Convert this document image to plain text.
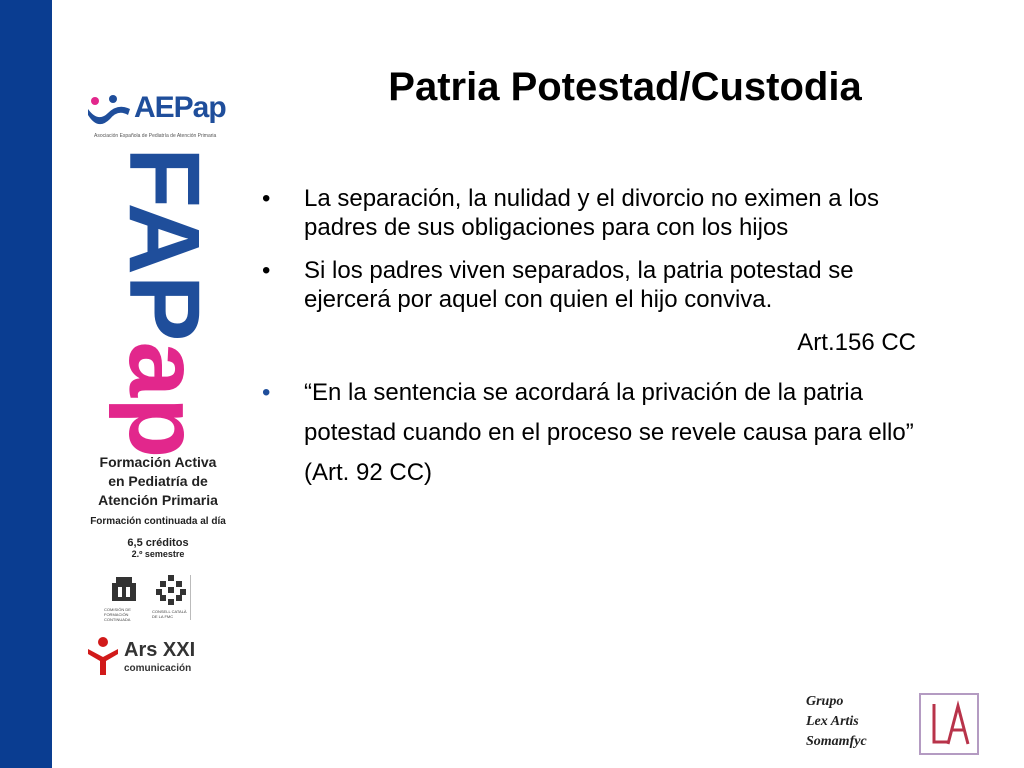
AEPap
Asociación Española de Pediatría de Atención Primaria
FAPap
Formación Activa
en Pediatría de
Atención Primaria
Formación continuada al día
6,5 créditos
2.º semestre
COMISIÓN DE FORMACIÓN CONTINUADA
CONSELL CATALÀ DE LA FMC
Ars XXI
comunicación
Patria Potestad/Custodia
•	La separación, la nulidad y el divorcio no eximen a los padres de sus obligaciones para con los hijos
•	Si los padres viven separados, la patria potestad se ejercerá por aquel con quien el hijo conviva.
Art.156 CC
•	“En la sentencia se acordará la privación de la patria potestad cuando en el proceso se revele causa para ello” (Art. 92 CC)
Grupo
Lex Artis
Somamfyc
